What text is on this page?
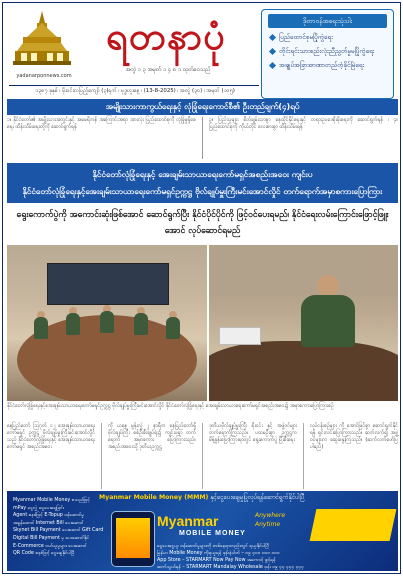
yadanarponnews.com
ရတနာပုံ
အတွဲ ၁ ၃ အမှတ် ၁ ၄ ၈ ၁ ထုတ်ဝေသည်
၁၃၈၇ ခုနှစ် ၊ မိုးဝင်းလပြည့်ကျော် (၃)ရက် ၊ ဗုဒ္ဓဟူးနေ့ ၊ (13-8-2025) ၊ အတွဲ (၃၀) ၊ အမှတ် (၁၀၅)
ဒိုတာဝန်အရေးသုံးပါး
ပြည်ထောင်စုမပြိုကွဲရေး
တိုင်းရင်းသားစည်းလုံးညီညွတ်မှုမပြိုကွဲရေး
အချုပ်အခြာအာဏာတည်တံ့ခိုင်မြဲရေး
အမျိုးသားကာကွယ်ရေးနှင့် လုံခြုံရေးကောင်စီ၏ ဦးတည်ချက်(၄)ရပ်
၁။ နိုင်ငံတော်၏ အမျိုးသားအတွင်းနှင့် အမေရိကန် အကြောင်းအရာ အားလုံး ပြည်ထောင်စုကို လုံခြုံမှုရှိစေရေး ထိန်းသိမ်းရေးတို့ကို ဆောင်ရွက်ရန်
၃။ ပြည်သူများ စိတ်ချမ်းသာစွာ နေထိုင်နိုင်ရေးနှင့် တရားဥပဒေစိုးမိုးရေးကို ဆောင်ရွက်ရန် ၊ ၄။ ပြည်ထောင်စုကို ကိုယ်တိုင် လေးစားစွာ ထိန်းသိမ်းရန်
နိုင်ငံတော်လုံခြုံရေးနှင့် အေးချမ်းသာယာရေးကော်မရှင်အစည်းအဝေး ကျင်းပ
နိုင်ငံတော်လုံခြုံရေးနှင့်အေးချမ်းသာယာရေးကော်မရှင်ဥက္ကဋ္ဌ ဗိုလ်ချုပ်မှူးကြီးမင်းအောင်လှိုင် တက်ရောက်အမှာစကားပြောကြား
ရွေးကောက်ပွဲကို အကောင်းဆုံးဖြစ်အောင် ဆောင်ရွက်ပြီး နိုင်ငံပိုင်ပိုင်ကို ဖြင့်ဝင်ပေးရမည်၊ နိုင်ငံရေးလမ်းကြောင်းဖြောင့်ဖြူးအောင် လုပ်ဆောင်ရမည်
နိုင်ငံတော်လုံခြုံရေးနှင့်အေးချမ်းသာယာရေးကော်မရှင်ဥက္ကဋ္ဌ ဗိုလ်ချုပ်မှူးကြီးမင်းအောင်လှိုင် နိုင်ငံတော်လုံခြုံရေးနှင့် အေးချမ်းသာယာရေးကော်မရှင်အစည်းအဝေး၌ အမှာစကားပြောကြားစဉ်
နေပြည်တော် ဩဂုတ် ၁၂ အေးချမ်းသာယာရေးကော်မရှင် ဥက္ကဋ္ဌ ဗိုလ်ချုပ်မှူးကြီးမင်းအောင်လှိုင် သည် နိုင်ငံတော်လုံခြုံရေးနှင့် အေးချမ်းသာယာရေးကော်မရှင် အစည်းအဝေး
ကို ယနေ့ မွန်းလွဲ ၂ နာရီက နေပြည်တော်ရှိ ဗိုလ်ချုပ်ကြီး စစ်ဦးစီးချုပ်ရုံး၌ ကျင်းပရာ တက်ရောက် အမှာစကား ပြောကြားသည်။ အစည်းအဝေးသို့ ဒုတိယဥက္ကဋ္ဌ
ဒုတိယဗိုလ်ချုပ်မှူးကြီး စိုးဝင်း နှင့် အဖွဲ့ဝင်များ တက်ရောက်ကြသည်။ ပထမဦးစွာ ဥက္ကဋ္ဌက မိန့်ခွန်းပြောကြားရာတွင် ရွေးကောက်ပွဲ ပြီးစီးရေး
လုပ်ငန်းစဉ်များ ကို အောင်မြင်စွာ ဆောင်ရွက်နိုင်ရန် ရှင်းလင်းပြောကြားသည်။ ဆက်လက်၍ အဖွဲ့ဝင်များက ဆွေးနွေးကြသည်။ (ဆက်လက်ဖော်ပြပါမည်)
Myanmar Mobile Money (MMM) နှင့်ငွေပေးချေမှုပြုလုပ်ရန်ဆောင်ရွက်နိုင်ပါပြီ
Myanmar Mobile Money စသည်ဖြင့်
mPay ငွေလွှဲ ငွေပေးချေခြင်း
Agent စနစ်ဖြင့် E-Topup ဝန်ဆောင်မှု
အခွန်ဆောင် Internet Bill ပေးဆောင်
Skynet Bill Payment ပေးဆောင် Gift Card
Digital Bill Payment မှ ပေးဆောင်နိုင်
E-Commerce ဝယ်ယူမှုများ ပေးဆောင်
QR Code စနစ်ဖြင့် ငွေချေနိုင်ပါပြီ
Myanmar
MOBILE MONEY
Anywhere Anytime
ငွေပေးငွေယူ ဝန်ဆောင်မှုများကို တစ်နေရာတည်းတွင် ရယူနိုင်ပါပြီ
မြန်မာ Mobile Money ကိုရယူရန် ဖုန်းနံပါတ် – ၀၉ ၄၀၀ ၀၀၀ ၀၀၀
App Store – STARMART Now Pay Now အကောင့် ဖွင့်ရန်
ဆက်သွယ်ရန် – STARMART Mandalay Wholesale ဖုန်း ၀၉ ၄၄ ၄၄၄ ၄၄၄
